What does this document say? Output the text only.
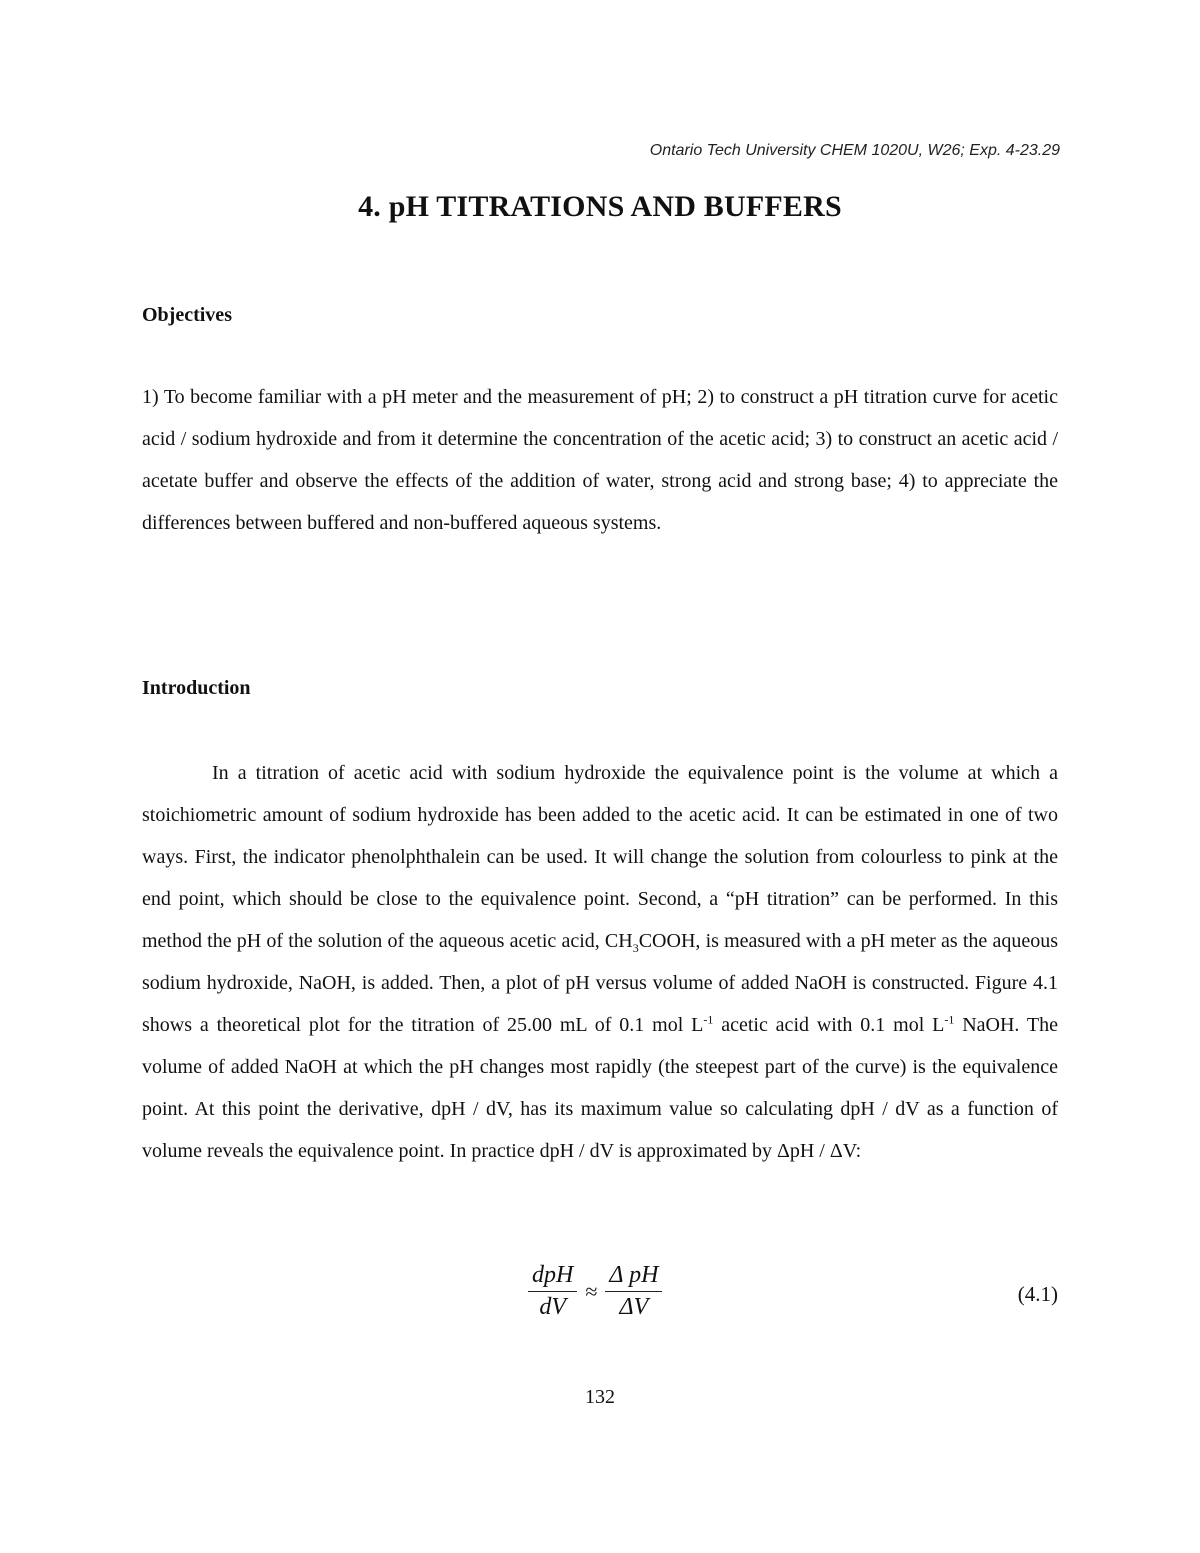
Ontario Tech University CHEM 1020U, W26; Exp. 4-23.29
4. pH TITRATIONS AND BUFFERS
Objectives

1) To become familiar with a pH meter and the measurement of pH; 2) to construct a pH titration curve for acetic acid / sodium hydroxide and from it determine the concentration of the acetic acid; 3) to construct an acetic acid / acetate buffer and observe the effects of the addition of water, strong acid and strong base; 4) to appreciate the differences between buffered and non-buffered aqueous systems.

Introduction

In a titration of acetic acid with sodium hydroxide the equivalence point is the volume at which a stoichiometric amount of sodium hydroxide has been added to the acetic acid. It can be estimated in one of two ways. First, the indicator phenolphthalein can be used. It will change the solution from colourless to pink at the end point, which should be close to the equivalence point. Second, a “pH titration” can be performed. In this method the pH of the solution of the aqueous acetic acid, $CH_3COOH$, is measured with a pH meter as the aqueous sodium hydroxide, NaOH, is added. Then, a plot of pH versus volume of added NaOH is constructed. Figure 4.1 shows a theoretical plot for the titration of 25.00 mL of 0.1 mol $L^{-1}$ acetic acid with 0.1 mol $L^{-1}$ NaOH. The volume of added NaOH at which the pH changes most rapidly (the steepest part of the curve) is the equivalence point. At this point the derivative, dpH / dV, has its maximum value so calculating dpH / dV as a function of volume reveals the equivalence point. In practice dpH / dV is approximated by ΔpH / ΔV:

$\frac{\text{dpH}}{dV} \approx \frac{\text{Δ pH}}{\Delta V}$	(4.1)
132
